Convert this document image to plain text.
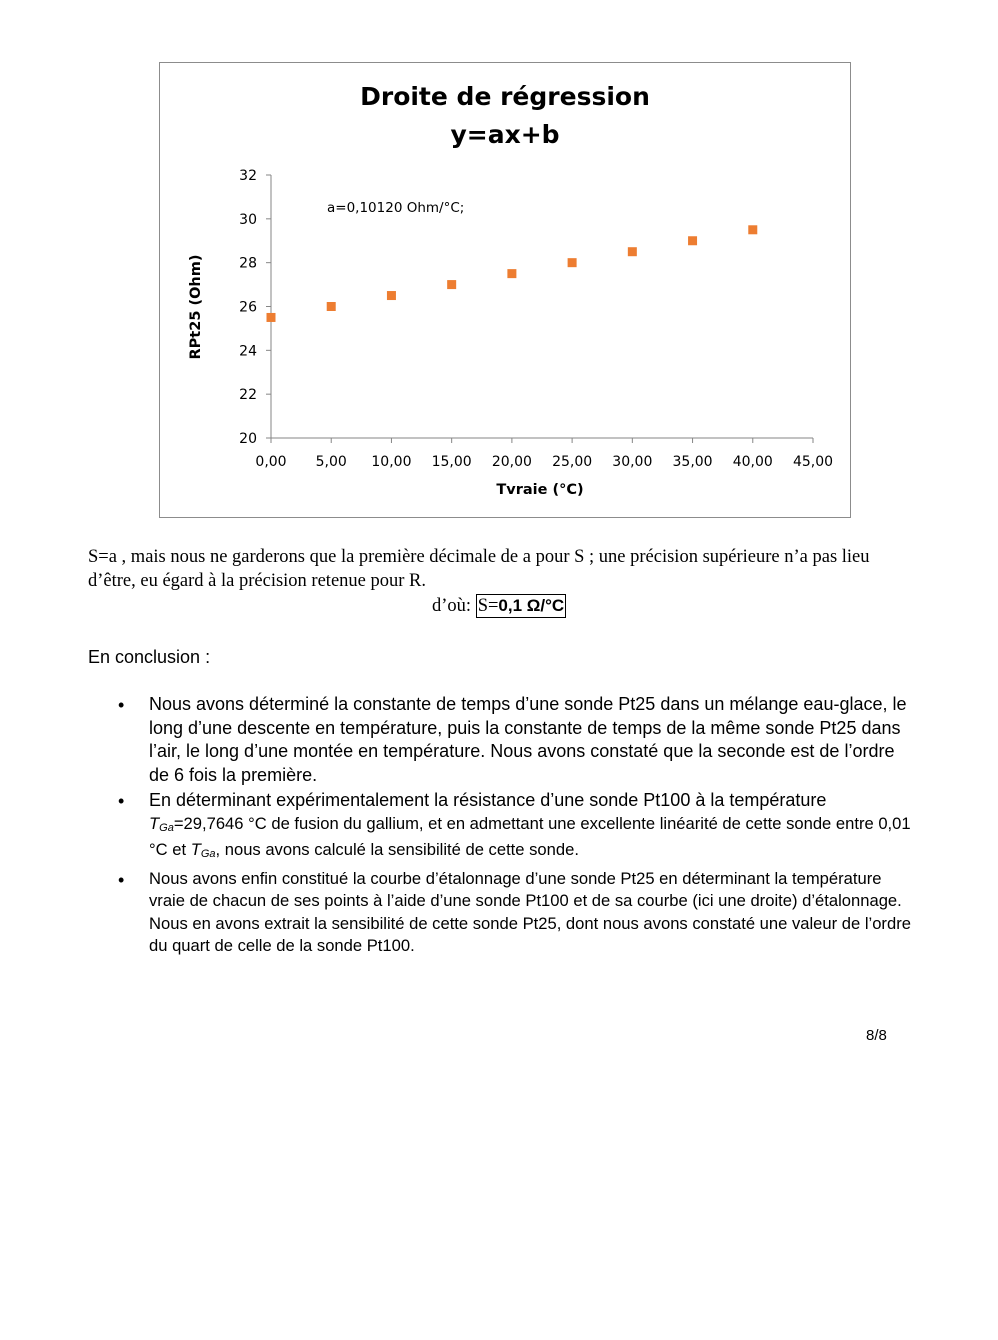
Droite de régression
y=ax+b
a=0,10120 Ohm/°C;
RPt25 (Ohm)
Tvraie (°C)
20
22
24
26
28
30
32
0,00 5,00 10,00 15,00 20,00 25,00 30,00 35,00 40,00 45,00

S=a , mais nous ne garderons que la première décimale de a pour S ; une précision supérieure n’a pas lieu d’être, eu égard à la précision retenue pour R.

d’où: S=0,1 Ω/°C
En conclusion :
• Nous avons déterminé la constante de temps d’une sonde Pt25 dans un mélange eau-glace, le long d’une descente en température, puis la constante de temps de la même sonde Pt25 dans l’air, le long d’une montée en température. Nous avons constaté que la seconde est de l’ordre de 6 fois la première.
• En déterminant expérimentalement la résistance d’une sonde Pt100 à la température $T_{Ga}=29,7646$ °C de fusion du gallium, et en admettant une excellente linéarité de cette sonde entre 0,01 °C et $T_{Ga}$, nous avons calculé la sensibilité de cette sonde.
• Nous avons enfin constitué la courbe d’étalonnage d’une sonde Pt25 en déterminant la température vraie de chacun de ses points à l’aide d’une sonde Pt100 et de sa courbe (ici une droite) d’étalonnage. Nous en avons extrait la sensibilité de cette sonde Pt25, dont nous avons constaté une valeur de l’ordre du quart de celle de la sonde Pt100.
8/8
